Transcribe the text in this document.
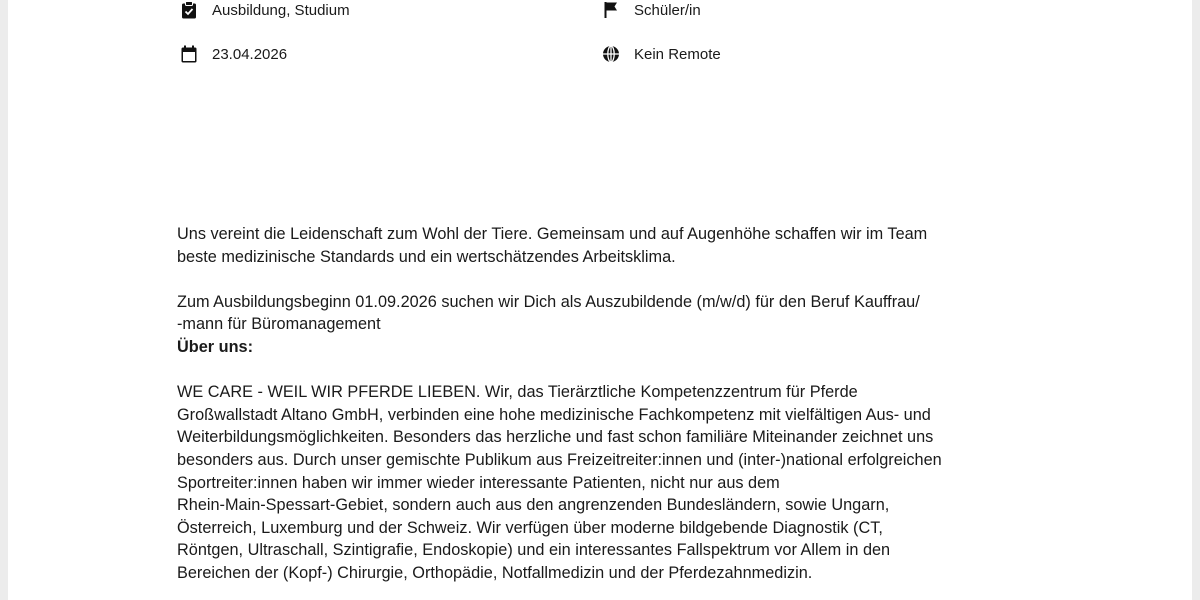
Ausbildung, Studium	Schüler/in
23.04.2026	Kein Remote

Uns vereint die Leidenschaft zum Wohl der Tiere. Gemeinsam und auf Augenhöhe schaffen wir im Team

beste medizinische Standards und ein wertschätzendes Arbeitsklima.

Zum Ausbildungsbeginn 01.09.2026 suchen wir Dich als Auszubildende (m/w/d) für den Beruf Kauffrau/

-mann für Büromanagement

Über uns:

WE CARE - WEIL WIR PFERDE LIEBEN. Wir, das Tierärztliche Kompetenzzentrum für Pferde

Großwallstadt Altano GmbH, verbinden eine hohe medizinische Fachkompetenz mit vielfältigen Aus- und

Weiterbildungsmöglichkeiten. Besonders das herzliche und fast schon familiäre Miteinander zeichnet uns

besonders aus. Durch unser gemischte Publikum aus Freizeitreiter:innen und (inter-)national erfolgreichen

Sportreiter:innen haben wir immer wieder interessante Patienten, nicht nur aus dem

Rhein-Main-Spessart-Gebiet, sondern auch aus den angrenzenden Bundesländern, sowie Ungarn,

Österreich, Luxemburg und der Schweiz. Wir verfügen über moderne bildgebende Diagnostik (CT,

Röntgen, Ultraschall, Szintigrafie, Endoskopie) und ein interessantes Fallspektrum vor Allem in den

Bereichen der (Kopf-) Chirurgie, Orthopädie, Notfallmedizin und der Pferdezahnmedizin.
